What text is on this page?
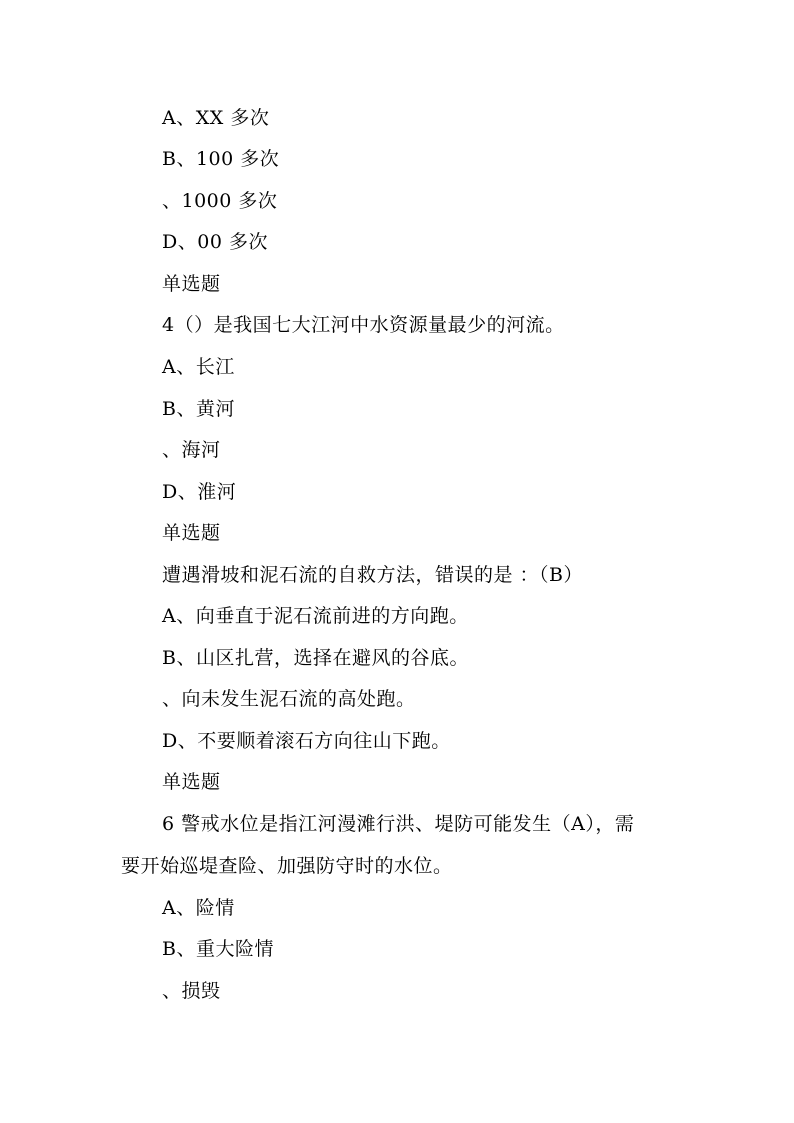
A、XX 多次
B、100 多次
、1000 多次
D、00 多次
单选题
4（）是我国七大江河中水资源量最少的河流。
A、长江
B、黄河
、海河
D、淮河
单选题
遭遇滑坡和泥石流的自救方法，错误的是 ：（B）
A、向垂直于泥石流前进的方向跑。
B、山区扎营，选择在避风的谷底。
、向未发生泥石流的高处跑。
D、不要顺着滚石方向往山下跑。
单选题
6 警戒水位是指江河漫滩行洪、堤防可能发生（A），需
要开始巡堤查险、加强防守时的水位。
A、险情
B、重大险情
、损毁
